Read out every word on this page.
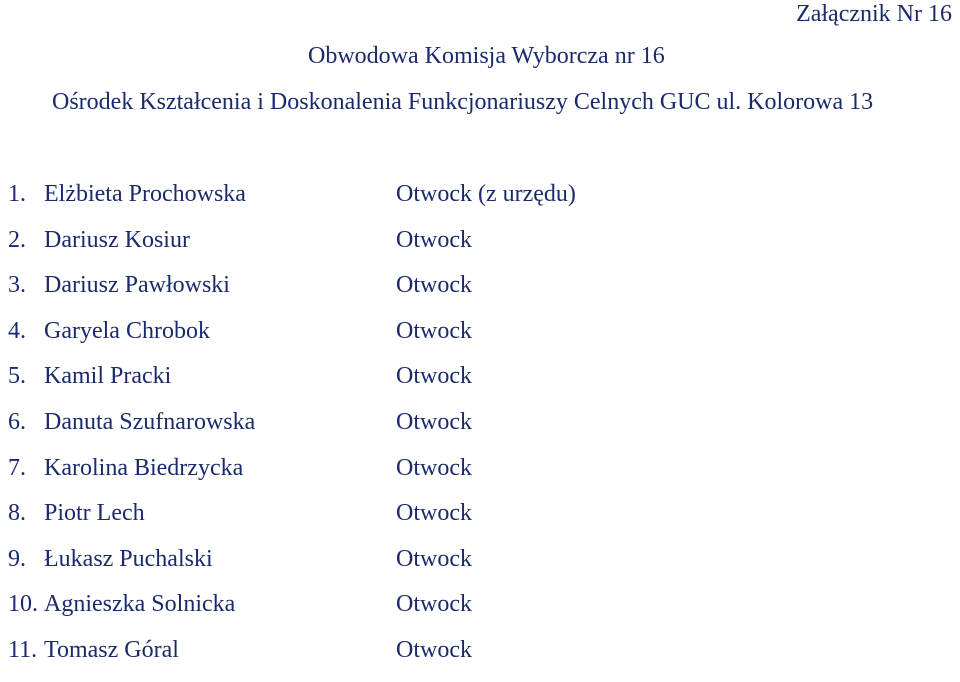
Załącznik Nr 16
Obwodowa Komisja Wyborcza nr 16
Ośrodek Kształcenia i Doskonalenia Funkcjonariuszy Celnych GUC ul. Kolorowa 13
1. Elżbieta Prochowska	Otwock (z urzędu)
2. Dariusz Kosiur	Otwock
3. Dariusz Pawłowski	Otwock
4. Garyela Chrobok	Otwock
5. Kamil Pracki	Otwock
6. Danuta Szufnarowska	Otwock
7. Karolina Biedrzycka	Otwock
8. Piotr Lech	Otwock
9. Łukasz Puchalski	Otwock
10. Agnieszka Solnicka	Otwock
11. Tomasz Góral	Otwock
